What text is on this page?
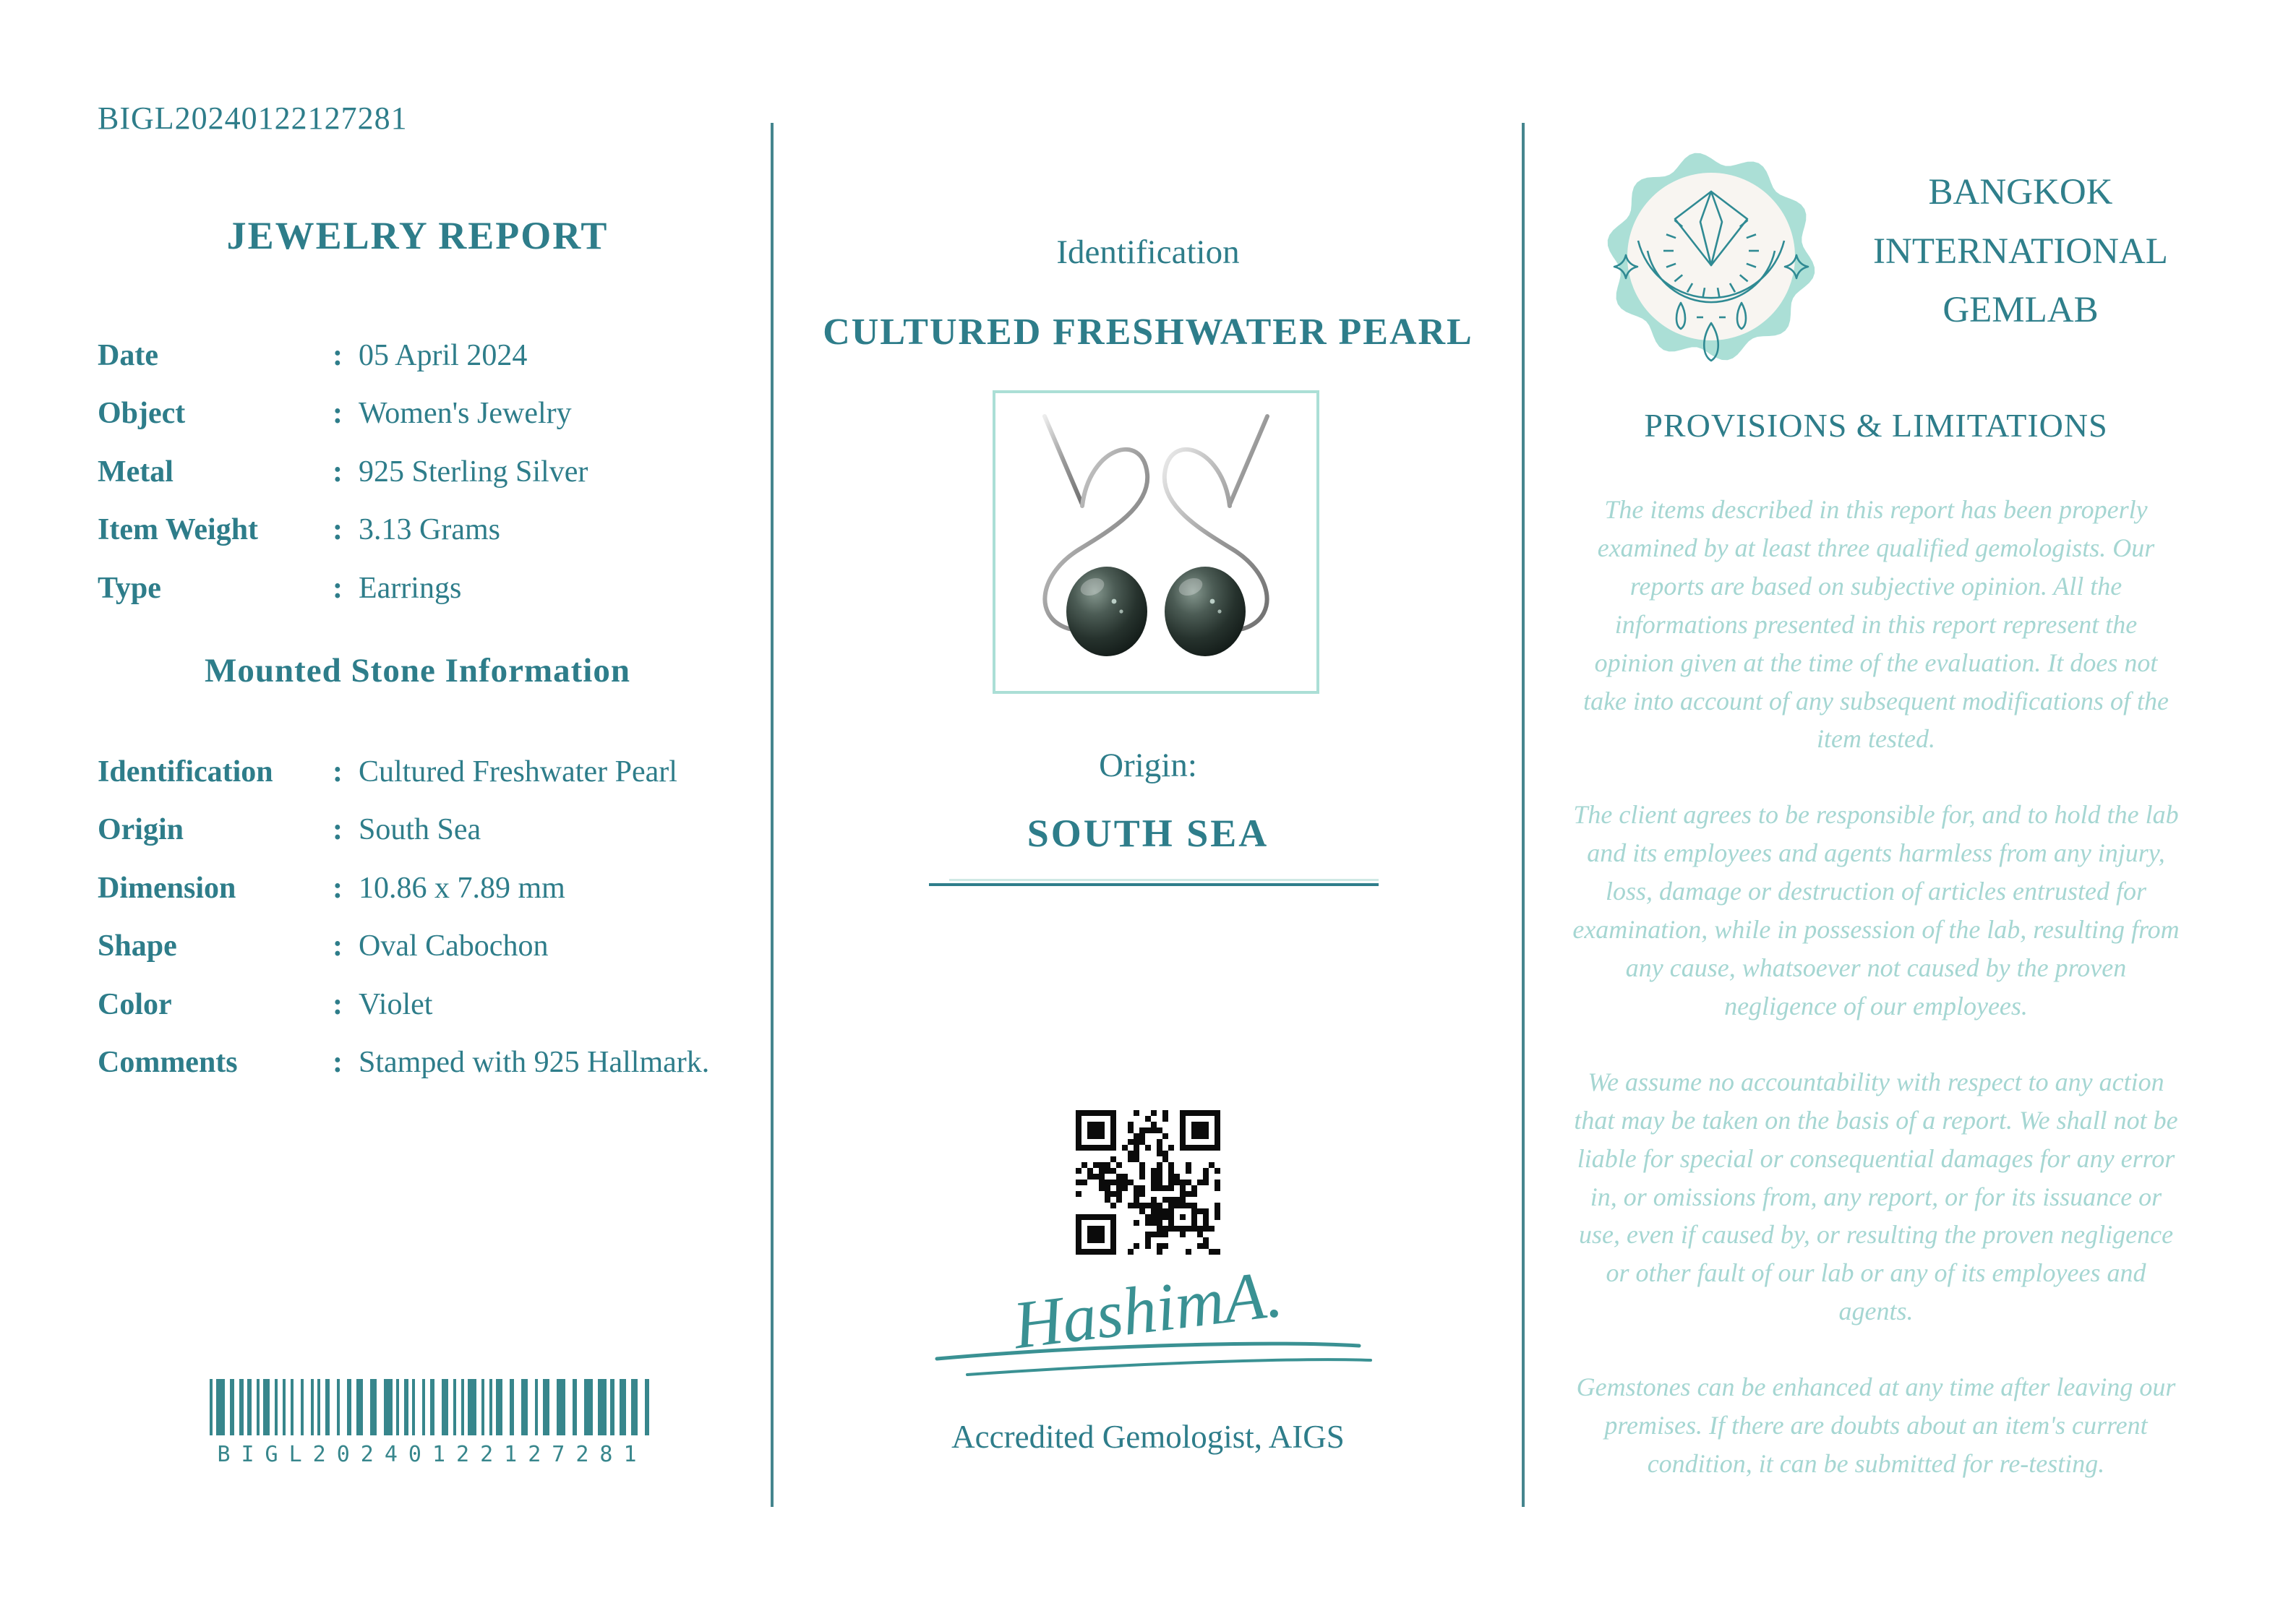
BIGL20240122127281
JEWELRY REPORT
Date	: 05 April 2024
Object	: Women's Jewelry
Metal	: 925 Sterling Silver
Item Weight	: 3.13 Grams
Type	: Earrings
Mounted Stone Information
Identification	: Cultured Freshwater Pearl
Origin	: South Sea
Dimension	: 10.86 x 7.89 mm
Shape	: Oval Cabochon
Color	: Violet
Comments	: Stamped with 925 Hallmark.
BIGL20240122127281
Identification
CULTURED FRESHWATER PEARL
Origin:
SOUTH SEA
HashimA.
Accredited Gemologist, AIGS
BANGKOK
INTERNATIONAL
GEMLAB
PROVISIONS & LIMITATIONS

The items described in this report has been properly examined by at least three qualified gemologists. Our reports are based on subjective opinion. All the informations presented in this report represent the opinion given at the time of the evaluation. It does not take into account of any subsequent modifications of the item tested.

The client agrees to be responsible for, and to hold the lab and its employees and agents harmless from any injury, loss, damage or destruction of articles entrusted for examination, while in possession of the lab, resulting from any cause, whatsoever not caused by the proven negligence of our employees.

We assume no accountability with respect to any action that may be taken on the basis of a report. We shall not be liable for special or consequential damages for any error in, or omissions from, any report, or for its issuance or use, even if caused by, or resulting the proven negligence or other fault of our lab or any of its employees and agents.

Gemstones can be enhanced at any time after leaving our premises. If there are doubts about an item's current condition, it can be submitted for re-testing.
